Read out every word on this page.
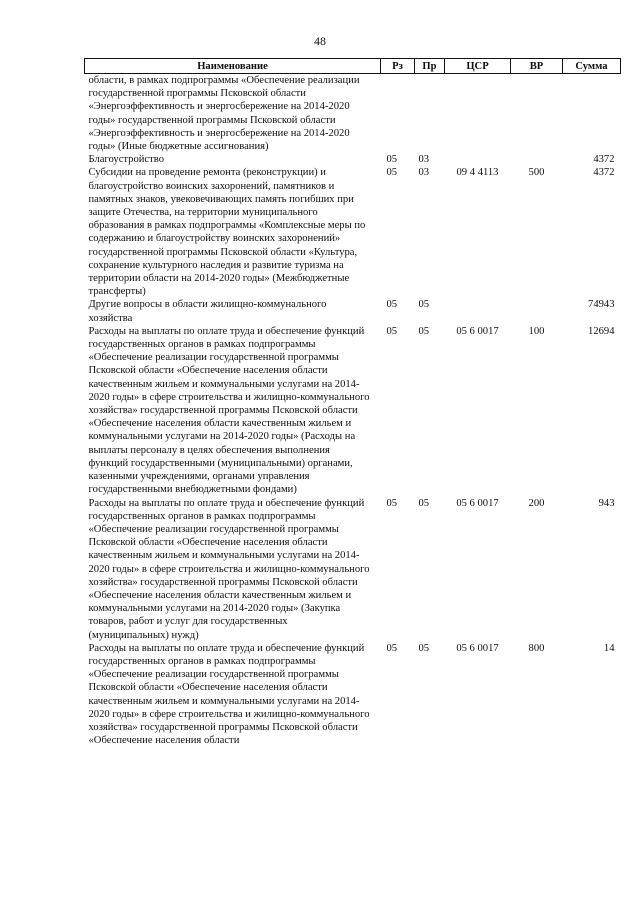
48
Наименование	Рз	Пр	ЦСР	ВР	Сумма
области, в рамках подпрограммы «Обеспечение реализации государственной программы Псковской области «Энергоэффективность и энергосбережение на 2014-2020 годы» государственной программы Псковской области «Энергоэффективность и энергосбережение на 2014-2020 годы» (Иные бюджетные ассигнования)					
Благоустройство	05	03			4372
Субсидии на проведение ремонта (реконструкции) и благоустройство воинских захоронений, памятников и памятных знаков, увековечивающих память погибших при защите Отечества, на территории муниципального образования в рамках подпрограммы «Комплексные меры по содержанию и благоустройству воинских захоронений» государственной программы Псковской области «Культура, сохранение культурного наследия и развитие туризма на территории области на 2014-2020 годы» (Межбюджетные трансферты)	05	03	09 4 4113	500	4372
Другие вопросы в области жилищно-коммунального хозяйства	05	05			74943
Расходы на выплаты по оплате труда и обеспечение функций государственных органов в рамках подпрограммы «Обеспечение реализации государственной программы Псковской области «Обеспечение населения области качественным жильем и коммунальными услугами на 2014-2020 годы» в сфере строительства и жилищно-коммунального хозяйства» государственной программы Псковской области «Обеспечение населения области качественным жильем и коммунальными услугами на 2014-2020 годы» (Расходы на выплаты персоналу в целях обеспечения выполнения функций государственными (муниципальными) органами, казенными учреждениями, органами управления государственными внебюджетными фондами)	05	05	05 6 0017	100	12694
Расходы на выплаты по оплате труда и обеспечение функций государственных органов в рамках подпрограммы «Обеспечение реализации государственной программы Псковской области «Обеспечение населения области качественным жильем и коммунальными услугами на 2014-2020 годы» в сфере строительства и жилищно-коммунального хозяйства» государственной программы Псковской области «Обеспечение населения области качественным жильем и коммунальными услугами на 2014-2020 годы» (Закупка товаров, работ и услуг для государственных (муниципальных) нужд)	05	05	05 6 0017	200	943
Расходы на выплаты по оплате труда и обеспечение функций государственных органов в рамках подпрограммы «Обеспечение реализации государственной программы Псковской области «Обеспечение населения области качественным жильем и коммунальными услугами на 2014-2020 годы» в сфере строительства и жилищно-коммунального хозяйства» государственной программы Псковской области «Обеспечение населения области	05	05	05 6 0017	800	14
